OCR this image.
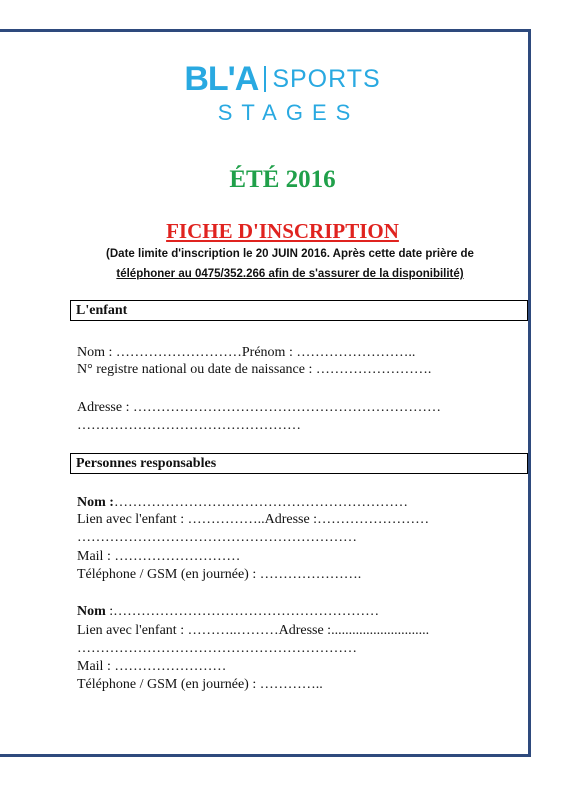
BL'A SPORTS
STAGES
ÉTÉ 2016
FICHE D'INSCRIPTION
(Date limite d'inscription le 20 JUIN 2016. Après cette date prière de
téléphoner au 0475/352.266 afin de s'assurer de la disponibilité)
L'enfant
Nom : ………………………Prénom : ……………………..
N° registre national ou date de naissance : …………………….
Adresse : …………………………………………………………
…………………………………………
Personnes responsables
Nom :………………………………………………………
Lien avec l'enfant : ……………..Adresse :……………………
……………………………………………………
Mail : ………………………
Téléphone / GSM (en journée) : ………………….
Nom :…………………………………………………
Lien avec l'enfant : ………..………Adresse :............................
……………………………………………………
Mail : ……………………
Téléphone / GSM (en journée) : …………..
